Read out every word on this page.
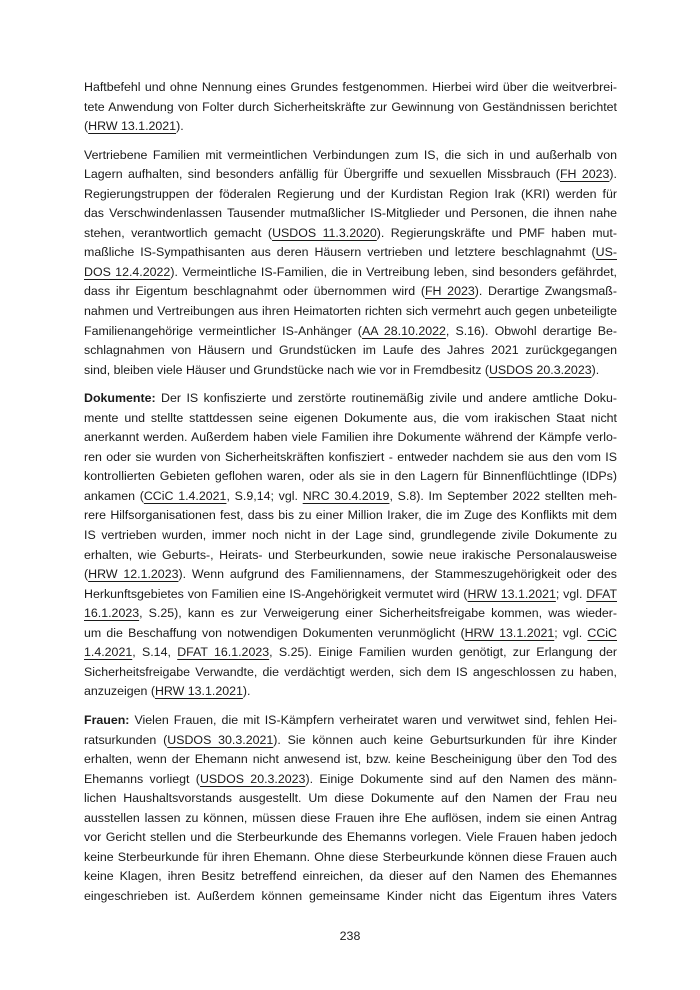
Haftbefehl und ohne Nennung eines Grundes festgenommen. Hierbei wird über die weitverbrei-
tete Anwendung von Folter durch Sicherheitskräfte zur Gewinnung von Geständnissen berichtet
(HRW 13.1.2021).

Vertriebene Familien mit vermeintlichen Verbindungen zum IS, die sich in und außerhalb von
Lagern aufhalten, sind besonders anfällig für Übergriffe und sexuellen Missbrauch (FH 2023).
Regierungstruppen der föderalen Regierung und der Kurdistan Region Irak (KRI) werden für
das Verschwindenlassen Tausender mutmaßlicher IS-Mitglieder und Personen, die ihnen nahe
stehen, verantwortlich gemacht (USDOS 11.3.2020). Regierungskräfte und PMF haben mut-
maßliche IS-Sympathisanten aus deren Häusern vertrieben und letztere beschlagnahmt (US-
DOS 12.4.2022). Vermeintliche IS-Familien, die in Vertreibung leben, sind besonders gefährdet,
dass ihr Eigentum beschlagnahmt oder übernommen wird (FH 2023). Derartige Zwangsmaß-
nahmen und Vertreibungen aus ihren Heimatorten richten sich vermehrt auch gegen unbeteiligte
Familienangehörige vermeintlicher IS-Anhänger (AA 28.10.2022, S.16). Obwohl derartige Be-
schlagnahmen von Häusern und Grundstücken im Laufe des Jahres 2021 zurückgegangen
sind, bleiben viele Häuser und Grundstücke nach wie vor in Fremdbesitz (USDOS 20.3.2023).

Dokumente: Der IS konfiszierte und zerstörte routinemäßig zivile und andere amtliche Doku-
mente und stellte stattdessen seine eigenen Dokumente aus, die vom irakischen Staat nicht
anerkannt werden. Außerdem haben viele Familien ihre Dokumente während der Kämpfe verlo-
ren oder sie wurden von Sicherheitskräften konfisziert - entweder nachdem sie aus den vom IS
kontrollierten Gebieten geflohen waren, oder als sie in den Lagern für Binnenflüchtlinge (IDPs)
ankamen (CCiC 1.4.2021, S.9,14; vgl. NRC 30.4.2019, S.8). Im September 2022 stellten meh-
rere Hilfsorganisationen fest, dass bis zu einer Million Iraker, die im Zuge des Konflikts mit dem
IS vertrieben wurden, immer noch nicht in der Lage sind, grundlegende zivile Dokumente zu
erhalten, wie Geburts-, Heirats- und Sterbeurkunden, sowie neue irakische Personalausweise
(HRW 12.1.2023). Wenn aufgrund des Familiennamens, der Stammeszugehörigkeit oder des
Herkunftsgebietes von Familien eine IS-Angehörigkeit vermutet wird (HRW 13.1.2021; vgl. DFAT
16.1.2023, S.25), kann es zur Verweigerung einer Sicherheitsfreigabe kommen, was wieder-
um die Beschaffung von notwendigen Dokumenten verunmöglicht (HRW 13.1.2021; vgl. CCiC
1.4.2021, S.14, DFAT 16.1.2023, S.25). Einige Familien wurden genötigt, zur Erlangung der
Sicherheitsfreigabe Verwandte, die verdächtigt werden, sich dem IS angeschlossen zu haben,
anzuzeigen (HRW 13.1.2021).

Frauen: Vielen Frauen, die mit IS-Kämpfern verheiratet waren und verwitwet sind, fehlen Hei-
ratsurkunden (USDOS 30.3.2021). Sie können auch keine Geburtsurkunden für ihre Kinder
erhalten, wenn der Ehemann nicht anwesend ist, bzw. keine Bescheinigung über den Tod des
Ehemanns vorliegt (USDOS 20.3.2023). Einige Dokumente sind auf den Namen des männ-
lichen Haushaltsvorstands ausgestellt. Um diese Dokumente auf den Namen der Frau neu
ausstellen lassen zu können, müssen diese Frauen ihre Ehe auflösen, indem sie einen Antrag
vor Gericht stellen und die Sterbeurkunde des Ehemanns vorlegen. Viele Frauen haben jedoch
keine Sterbeurkunde für ihren Ehemann. Ohne diese Sterbeurkunde können diese Frauen auch
keine Klagen, ihren Besitz betreffend einreichen, da dieser auf den Namen des Ehemannes
eingeschrieben ist. Außerdem können gemeinsame Kinder nicht das Eigentum ihres Vaters

238
